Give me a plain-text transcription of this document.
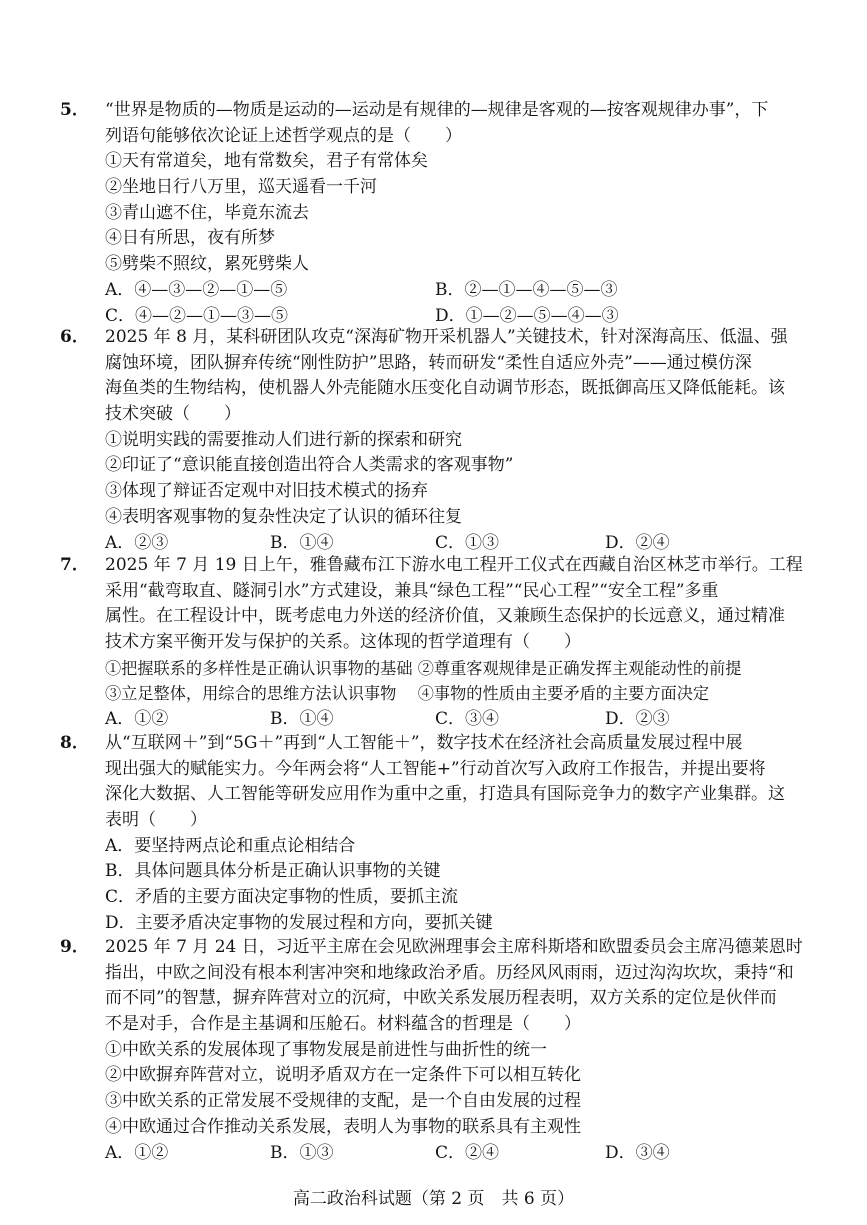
5． “世界是物质的—物质是运动的—运动是有规律的—规律是客观的—按客观规律办事”，下
列语句能够依次论证上述哲学观点的是（　　）
①天有常道矣，地有常数矣，君子有常体矣
②坐地日行八万里，巡天遥看一千河
③青山遮不住，毕竟东流去
④日有所思，夜有所梦
⑤劈柴不照纹，累死劈柴人
A．④—③—②—①—⑤	B．②—①—④—⑤—③
C．④—②—①—③—⑤	D．①—②—⑤—④—③
6． 2025 年 8 月，某科研团队攻克“深海矿物开采机器人”关键技术，针对深海高压、低温、强
腐蚀环境，团队摒弃传统“刚性防护”思路，转而研发“柔性自适应外壳”——通过模仿深
海鱼类的生物结构，使机器人外壳能随水压变化自动调节形态，既抵御高压又降低能耗。该
技术突破（　　）
①说明实践的需要推动人们进行新的探索和研究
②印证了“意识能直接创造出符合人类需求的客观事物”
③体现了辩证否定观中对旧技术模式的扬弃
④表明客观事物的复杂性决定了认识的循环往复
A．②③	B．①④	C．①③	D．②④
7． 2025 年 7 月 19 日上午，雅鲁藏布江下游水电工程开工仪式在西藏自治区林芝市举行。工程
采用“截弯取直、隧洞引水”方式建设，兼具“绿色工程”“民心工程”“安全工程”多重
属性。在工程设计中，既考虑电力外送的经济价值，又兼顾生态保护的长远意义，通过精准
技术方案平衡开发与保护的关系。这体现的哲学道理有（　　）
①把握联系的多样性是正确认识事物的基础 ②尊重客观规律是正确发挥主观能动性的前提
③立足整体，用综合的思维方法认识事物　 ④事物的性质由主要矛盾的主要方面决定
A．①②	B．①④	C．③④	D．②③
8． 从“互联网＋”到“5G＋”再到“人工智能＋”，数字技术在经济社会高质量发展过程中展
现出强大的赋能实力。今年两会将“人工智能+”行动首次写入政府工作报告，并提出要将
深化大数据、人工智能等研发应用作为重中之重，打造具有国际竞争力的数字产业集群。这
表明（　　）
A．要坚持两点论和重点论相结合
B．具体问题具体分析是正确认识事物的关键
C．矛盾的主要方面决定事物的性质，要抓主流
D．主要矛盾决定事物的发展过程和方向，要抓关键
9． 2025 年 7 月 24 日，习近平主席在会见欧洲理事会主席科斯塔和欧盟委员会主席冯德莱恩时
指出，中欧之间没有根本利害冲突和地缘政治矛盾。历经风风雨雨，迈过沟沟坎坎，秉持“和
而不同”的智慧，摒弃阵营对立的沉疴，中欧关系发展历程表明，双方关系的定位是伙伴而
不是对手，合作是主基调和压舱石。材料蕴含的哲理是（　　）
①中欧关系的发展体现了事物发展是前进性与曲折性的统一
②中欧摒弃阵营对立，说明矛盾双方在一定条件下可以相互转化
③中欧关系的正常发展不受规律的支配，是一个自由发展的过程
④中欧通过合作推动关系发展，表明人为事物的联系具有主观性
A．①②	B．①③	C．②④	D．③④
高二政治科试题（第 2 页　共 6 页）
